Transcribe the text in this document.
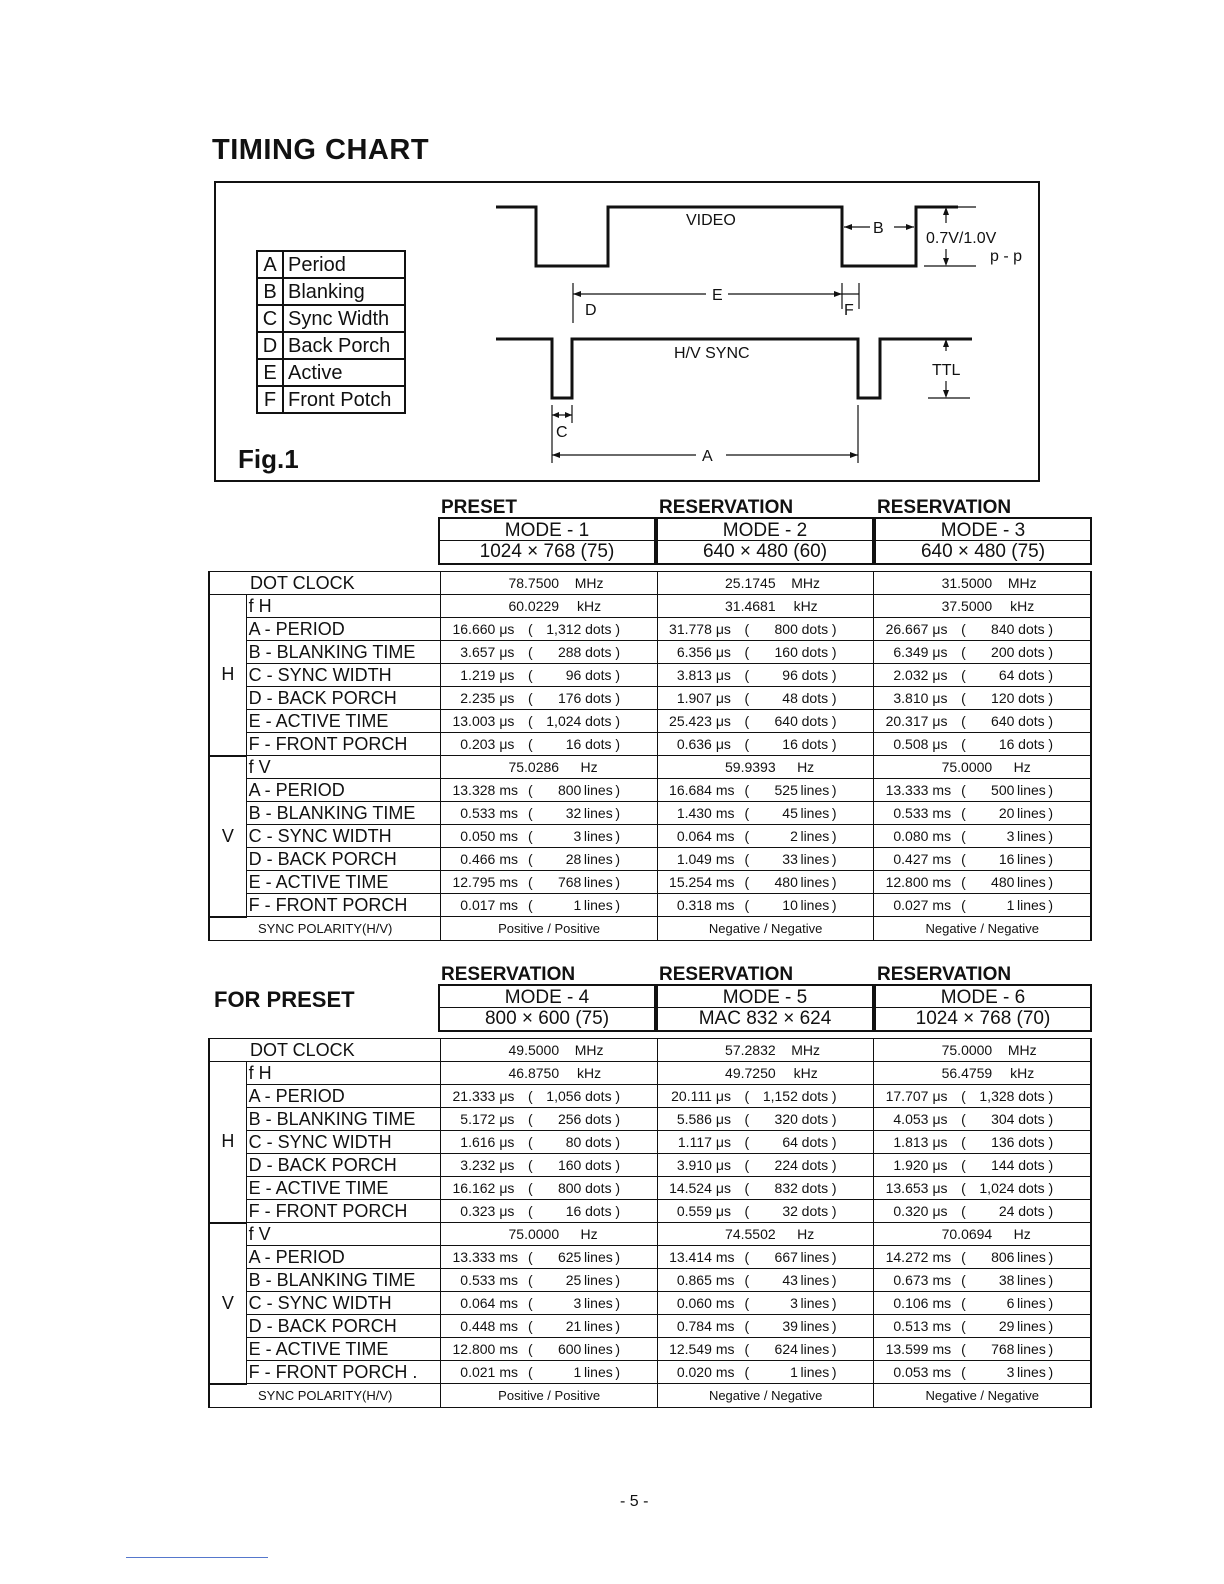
TIMING CHART
A	Period
B	Blanking
C	Sync Width
D	Back Porch
E	Active
F	Front Potch
Fig.1
VIDEO	B
0.7V/1.0V
p - p
E
D	F
H/V SYNC
TTL
C
A
PRESET
MODE - 1
1024 × 768 (75)
RESERVATION
MODE - 2
640 × 480 (60)
RESERVATION
MODE - 3
640 × 480 (75)
DOT CLOCK		78.7500 MHz	25.1745 MHz	31.5000 MHz
H	f H	60.0229 kHz	31.4681 kHz	37.5000 kHz
	A - PERIOD	16.660 μs ( 1,312 dots )	31.778 μs ( 800 dots )	26.667 μs ( 840 dots )
	B - BLANKING TIME	3.657 μs ( 288 dots )	6.356 μs ( 160 dots )	6.349 μs ( 200 dots )
	C - SYNC WIDTH	1.219 μs ( 96 dots )	3.813 μs ( 96 dots )	2.032 μs ( 64 dots )
	D - BACK PORCH	2.235 μs ( 176 dots )	1.907 μs ( 48 dots )	3.810 μs ( 120 dots )
	E - ACTIVE TIME	13.003 μs ( 1,024 dots )	25.423 μs ( 640 dots )	20.317 μs ( 640 dots )
	F - FRONT PORCH	0.203 μs ( 16 dots )	0.636 μs ( 16 dots )	0.508 μs ( 16 dots )
V	f V	75.0286 Hz	59.9393 Hz	75.0000 Hz
	A - PERIOD	13.328 ms ( 800 lines )	16.684 ms ( 525 lines )	13.333 ms ( 500 lines )
	B - BLANKING TIME	0.533 ms ( 32 lines )	1.430 ms ( 45 lines )	0.533 ms ( 20 lines )
	C - SYNC WIDTH	0.050 ms ( 3 lines )	0.064 ms ( 2 lines )	0.080 ms ( 3 lines )
	D - BACK PORCH	0.466 ms ( 28 lines )	1.049 ms ( 33 lines )	0.427 ms ( 16 lines )
	E - ACTIVE TIME	12.795 ms ( 768 lines )	15.254 ms ( 480 lines )	12.800 ms ( 480 lines )
	F - FRONT PORCH	0.017 ms ( 1 lines )	0.318 ms ( 10 lines )	0.027 ms ( 1 lines )
SYNC POLARITY(H/V)		Positive / Positive	Negative / Negative	Negative / Negative
FOR PRESET
RESERVATION
MODE - 4
800 × 600 (75)
RESERVATION
MODE - 5
MAC 832 × 624
RESERVATION
MODE - 6
1024 × 768 (70)
DOT CLOCK		49.5000 MHz	57.2832 MHz	75.0000 MHz
H	f H	46.8750 kHz	49.7250 kHz	56.4759 kHz
	A - PERIOD	21.333 μs ( 1,056 dots )	20.111 μs ( 1,152 dots )	17.707 μs ( 1,328 dots )
	B - BLANKING TIME	5.172 μs ( 256 dots )	5.586 μs ( 320 dots )	4.053 μs ( 304 dots )
	C - SYNC WIDTH	1.616 μs ( 80 dots )	1.117 μs ( 64 dots )	1.813 μs ( 136 dots )
	D - BACK PORCH	3.232 μs ( 160 dots )	3.910 μs ( 224 dots )	1.920 μs ( 144 dots )
	E - ACTIVE TIME	16.162 μs ( 800 dots )	14.524 μs ( 832 dots )	13.653 μs ( 1,024 dots )
	F - FRONT PORCH	0.323 μs ( 16 dots )	0.559 μs ( 32 dots )	0.320 μs ( 24 dots )
V	f V	75.0000 Hz	74.5502 Hz	70.0694 Hz
	A - PERIOD	13.333 ms ( 625 lines )	13.414 ms ( 667 lines )	14.272 ms ( 806 lines )
	B - BLANKING TIME	0.533 ms ( 25 lines )	0.865 ms ( 43 lines )	0.673 ms ( 38 lines )
	C - SYNC WIDTH	0.064 ms ( 3 lines )	0.060 ms ( 3 lines )	0.106 ms ( 6 lines )
	D - BACK PORCH	0.448 ms ( 21 lines )	0.784 ms ( 39 lines )	0.513 ms ( 29 lines )
	E - ACTIVE TIME	12.800 ms ( 600 lines )	12.549 ms ( 624 lines )	13.599 ms ( 768 lines )
	F - FRONT PORCH .	0.021 ms ( 1 lines )	0.020 ms ( 1 lines )	0.053 ms ( 3 lines )
SYNC POLARITY(H/V)		Positive / Positive	Negative / Negative	Negative / Negative
- 5 -
